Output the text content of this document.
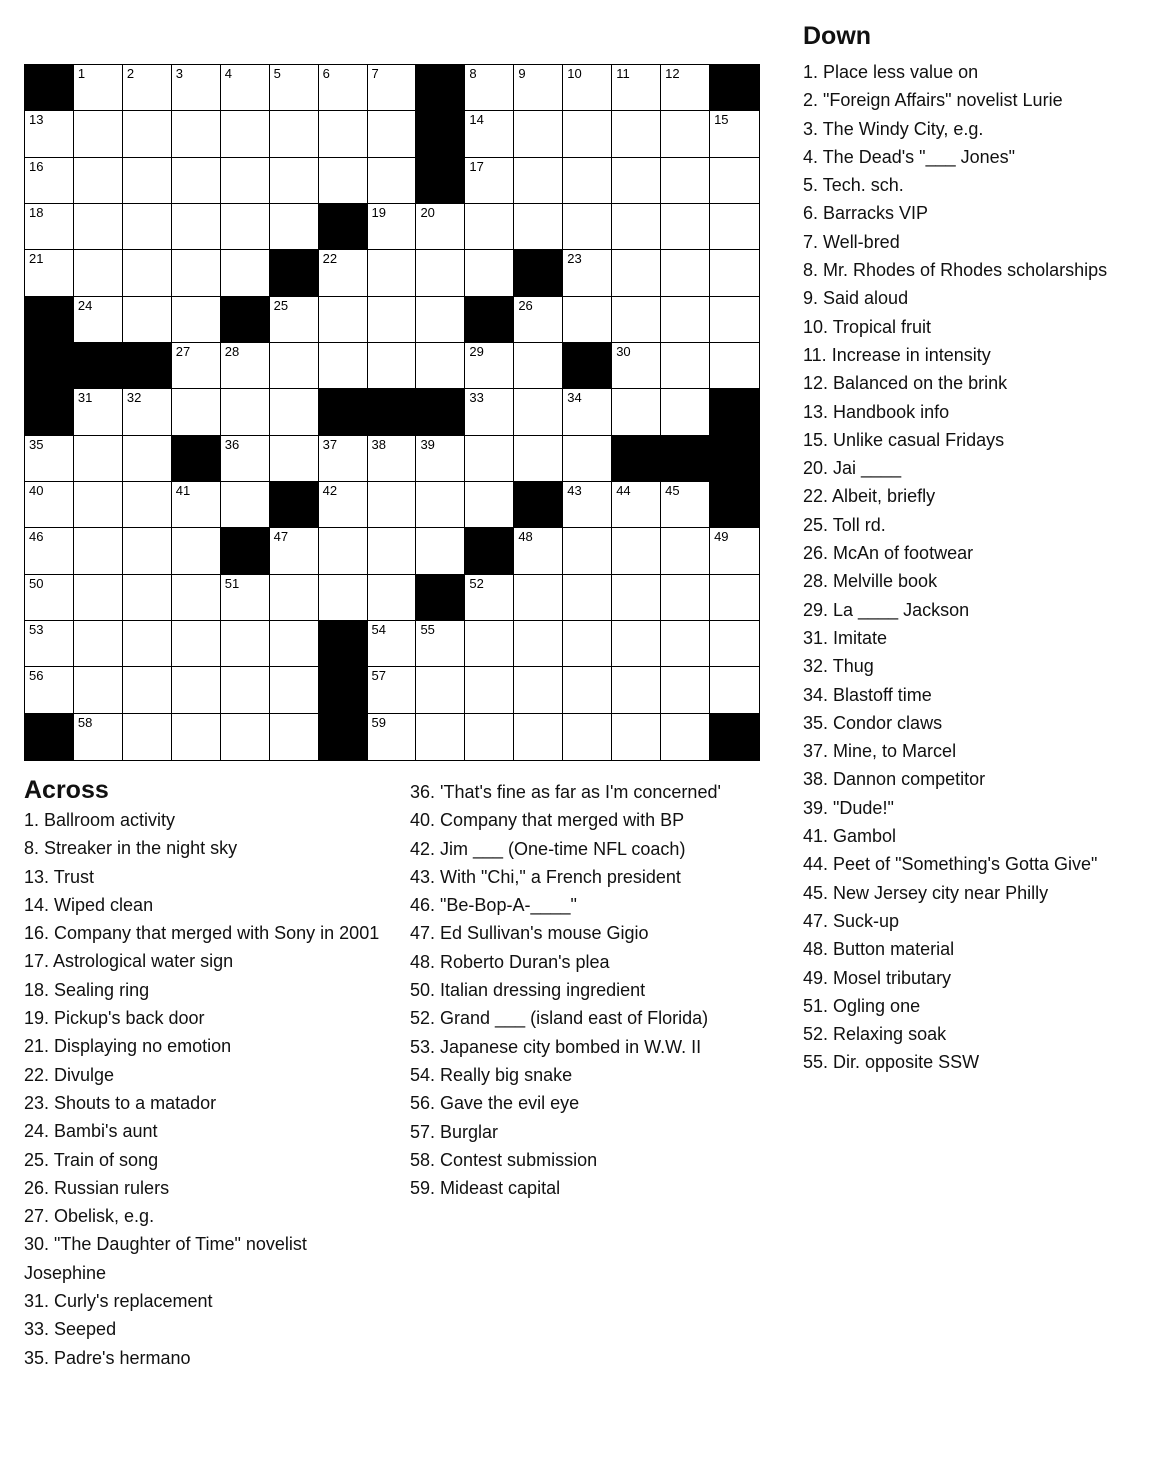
1	2	3	4	5	6	7	8	9	10	11	12
13	14	15
16	17
18	19	20
21	22	23
24	25	26
27	28	29	30
31	32	33	34
35	36	37	38	39
40	41	42	43	44	45
46	47	48	49
50	51	52
53	54	55
56	57
58	59
Across
1. Ballroom activity
8. Streaker in the night sky
13. Trust
14. Wiped clean
16. Company that merged with Sony in 2001
17. Astrological water sign
18. Sealing ring
19. Pickup's back door
21. Displaying no emotion
22. Divulge
23. Shouts to a matador
24. Bambi's aunt
25. Train of song
26. Russian rulers
27. Obelisk, e.g.
30. "The Daughter of Time" novelist Josephine
31. Curly's replacement
33. Seeped
35. Padre's hermano
36. 'That's fine as far as I'm concerned'
40. Company that merged with BP
42. Jim ___ (One-time NFL coach)
43. With "Chi," a French president
46. "Be-Bop-A-____"
47. Ed Sullivan's mouse Gigio
48. Roberto Duran's plea
50. Italian dressing ingredient
52. Grand ___ (island east of Florida)
53. Japanese city bombed in W.W. II
54. Really big snake
56. Gave the evil eye
57. Burglar
58. Contest submission
59. Mideast capital
Down
1. Place less value on
2. "Foreign Affairs" novelist Lurie
3. The Windy City, e.g.
4. The Dead's "___ Jones"
5. Tech. sch.
6. Barracks VIP
7. Well-bred
8. Mr. Rhodes of Rhodes scholarships
9. Said aloud
10. Tropical fruit
11. Increase in intensity
12. Balanced on the brink
13. Handbook info
15. Unlike casual Fridays
20. Jai ____
22. Albeit, briefly
25. Toll rd.
26. McAn of footwear
28. Melville book
29. La ____ Jackson
31. Imitate
32. Thug
34. Blastoff time
35. Condor claws
37. Mine, to Marcel
38. Dannon competitor
39. "Dude!"
41. Gambol
44. Peet of "Something's Gotta Give"
45. New Jersey city near Philly
47. Suck-up
48. Button material
49. Mosel tributary
51. Ogling one
52. Relaxing soak
55. Dir. opposite SSW
